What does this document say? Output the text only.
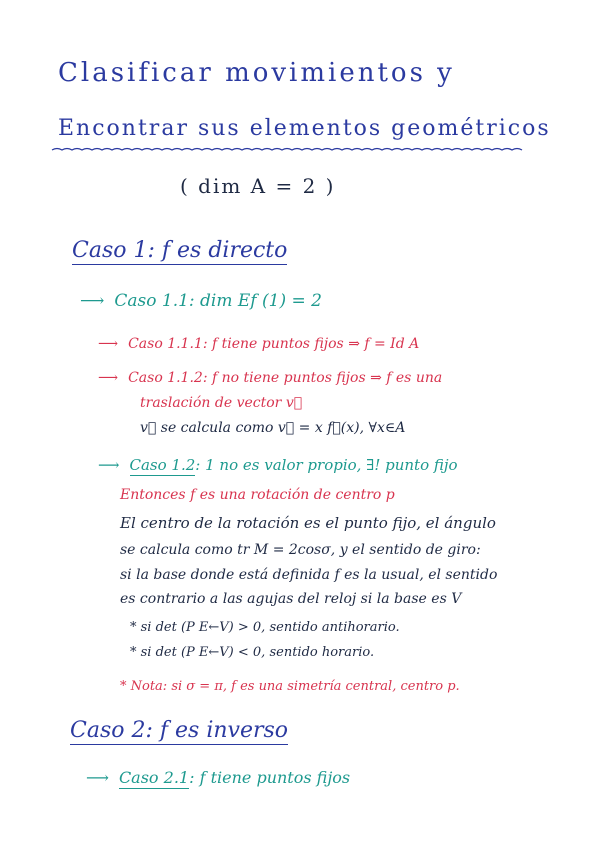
Clasificar movimientos y
Encontrar sus elementos geométricos
( dim A = 2 )
Caso 1: f es directo
⟶ Caso 1.1: dim Ef (1) = 2
⟶ Caso 1.1.1: f tiene puntos fijos ⇒ f = Id A
⟶ Caso 1.1.2: f no tiene puntos fijos ⇒ f es una
traslación de vector v⃗
v⃗ se calcula como v⃗ = x f⃗(x), ∀x∈A
⟶ Caso 1.2: 1 no es valor propio, ∃! punto fijo
Entonces f es una rotación de centro p
El centro de la rotación es el punto fijo, el ángulo
se calcula como tr M = 2cosσ, y el sentido de giro:
si la base donde está definida f es la usual, el sentido
es contrario a las agujas del reloj si la base es V
* si det (P E←V) > 0, sentido antihorario.
* si det (P E←V) < 0, sentido horario.
* Nota: si σ = π, f es una simetría central, centro p.
Caso 2: f es inverso
⟶ Caso 2.1: f tiene puntos fijos
